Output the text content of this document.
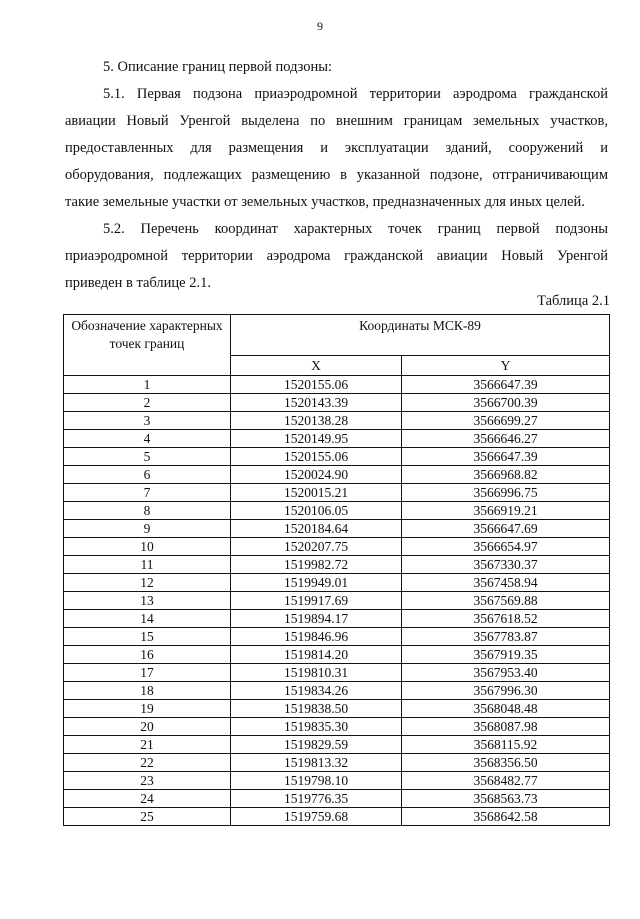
9

5. Описание границ первой подзоны:

5.1. Первая подзона приаэродромной территории аэродрома гражданской

авиации Новый Уренгой выделена по внешним границам земельных участков,

предоставленных для размещения и эксплуатации зданий, сооружений и

оборудования, подлежащих размещению в указанной подзоне, отграничивающим

такие земельные участки от земельных участков, предназначенных для иных целей.

5.2. Перечень координат характерных точек границ первой подзоны

приаэродромной территории аэродрома гражданской авиации Новый Уренгой

приведен в таблице 2.1.

Таблица 2.1
Обозначение характерных точек границ	Координаты МСК-89	
	X	Y
1	1520155.06	3566647.39
2	1520143.39	3566700.39
3	1520138.28	3566699.27
4	1520149.95	3566646.27
5	1520155.06	3566647.39
6	1520024.90	3566968.82
7	1520015.21	3566996.75
8	1520106.05	3566919.21
9	1520184.64	3566647.69
10	1520207.75	3566654.97
11	1519982.72	3567330.37
12	1519949.01	3567458.94
13	1519917.69	3567569.88
14	1519894.17	3567618.52
15	1519846.96	3567783.87
16	1519814.20	3567919.35
17	1519810.31	3567953.40
18	1519834.26	3567996.30
19	1519838.50	3568048.48
20	1519835.30	3568087.98
21	1519829.59	3568115.92
22	1519813.32	3568356.50
23	1519798.10	3568482.77
24	1519776.35	3568563.73
25	1519759.68	3568642.58
